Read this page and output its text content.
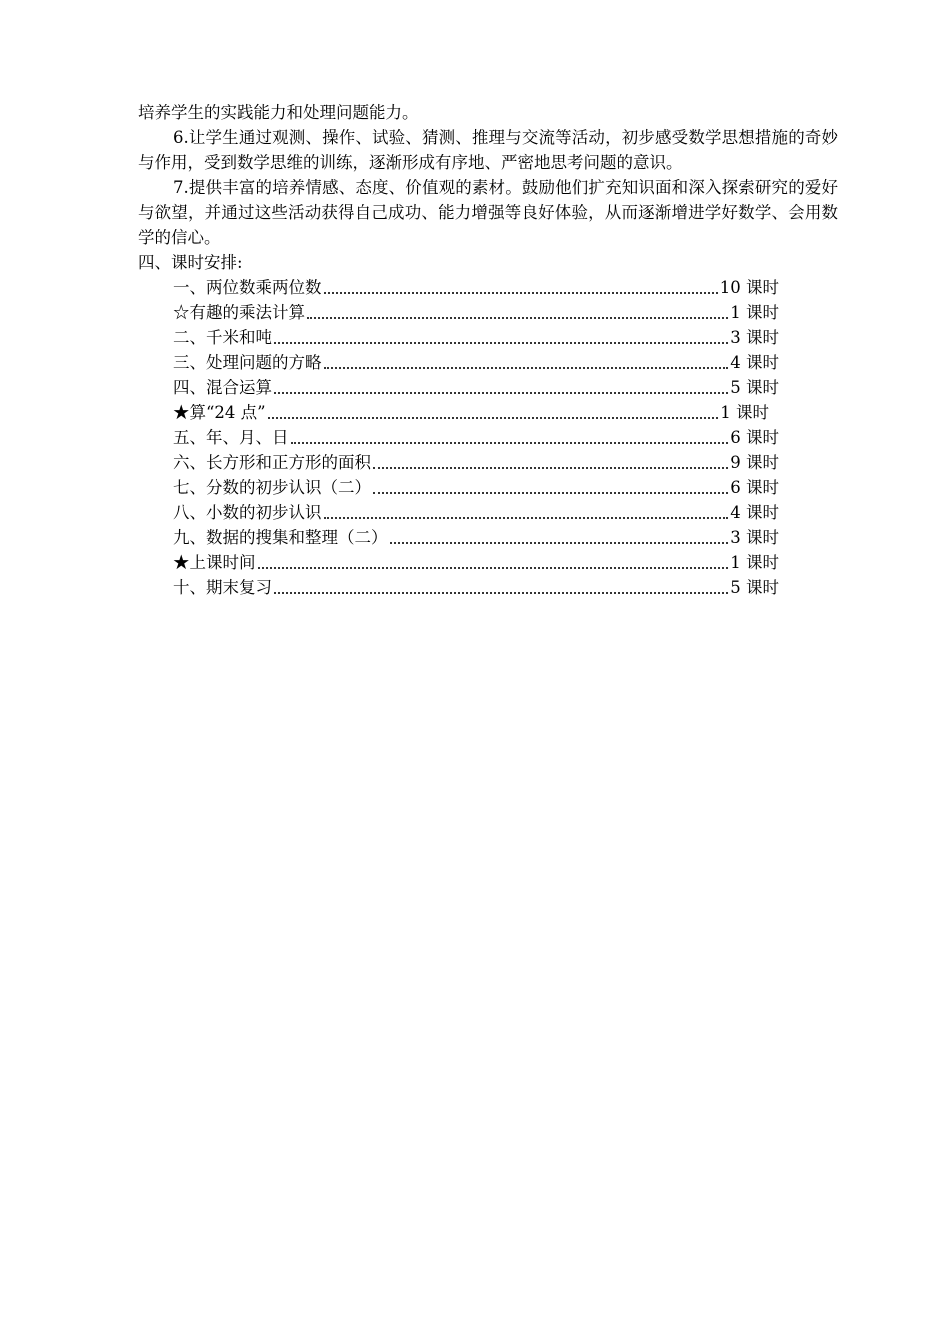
培养学生的实践能力和处理问题能力。

6.让学生通过观测、操作、试验、猜测、推理与交流等活动，初步感受数学思想措施的奇妙与作用，受到数学思维的训练，逐渐形成有序地、严密地思考问题的意识。

7.提供丰富的培养情感、态度、价值观的素材。鼓励他们扩充知识面和深入探索研究的爱好与欲望，并通过这些活动获得自己成功、能力增强等良好体验，从而逐渐增进学好数学、会用数学的信心。

四、课时安排:

一、两位数乘两位数	10 课时
☆有趣的乘法计算	1 课时
二、千米和吨	3 课时
三、处理问题的方略	4 课时
四、混合运算	5 课时
★算“24 点”	1 课时
五、年、月、日	6 课时
六、长方形和正方形的面积	9 课时
七、分数的初步认识（二）	6 课时
八、小数的初步认识	4 课时
九、数据的搜集和整理（二）	3 课时
★上课时间	1 课时
十、期末复习	5 课时
